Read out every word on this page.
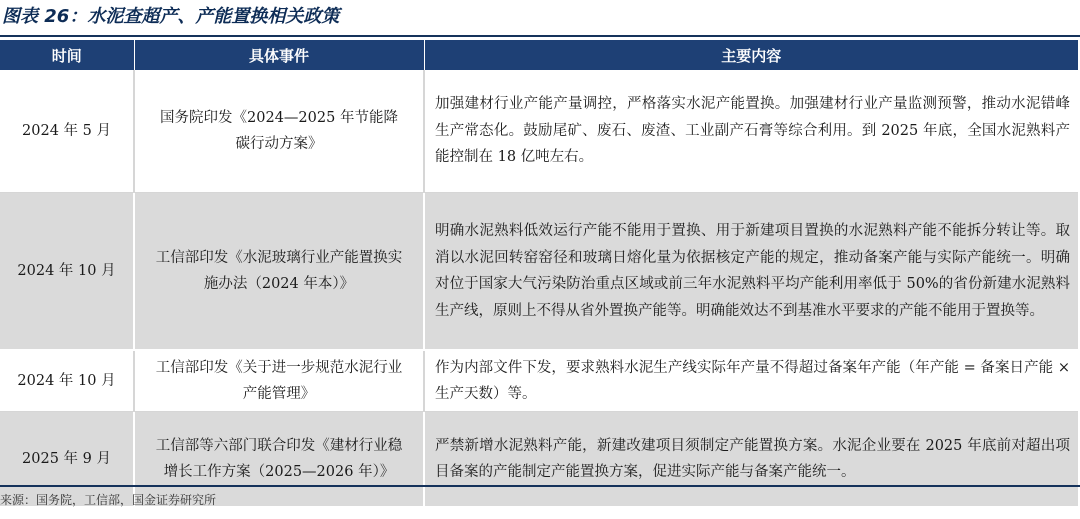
图表 26：水泥查超产、产能置换相关政策
时间	具体事件	主要内容
2024 年 5 月	国务院印发《2024—2025 年节能降碳行动方案》	加强建材行业产能产量调控，严格落实水泥产能置换。加强建材行业产量监测预警，推动水泥错峰生产常态化。鼓励尾矿、废石、废渣、工业副产石膏等综合利用。到 2025 年底，全国水泥熟料产能控制在 18 亿吨左右。
2024 年 10 月	工信部印发《水泥玻璃行业产能置换实施办法（2024 年本）》	明确水泥熟料低效运行产能不能用于置换、用于新建项目置换的水泥熟料产能不能拆分转让等。取消以水泥回转窑窑径和玻璃日熔化量为依据核定产能的规定，推动备案产能与实际产能统一。明确对位于国家大气污染防治重点区域或前三年水泥熟料平均产能利用率低于 50%的省份新建水泥熟料生产线，原则上不得从省外置换产能等。明确能效达不到基准水平要求的产能不能用于置换等。
2024 年 10 月	工信部印发《关于进一步规范水泥行业产能管理》	作为内部文件下发，要求熟料水泥生产线实际年产量不得超过备案年产能（年产能 = 备案日产能 × 生产天数）等。
2025 年 9 月	工信部等六部门联合印发《建材行业稳增长工作方案（2025—2026 年）》	严禁新增水泥熟料产能，新建改建项目须制定产能置换方案。水泥企业要在 2025 年底前对超出项目备案的产能制定产能置换方案，促进实际产能与备案产能统一。
来源：国务院，工信部，国金证券研究所
